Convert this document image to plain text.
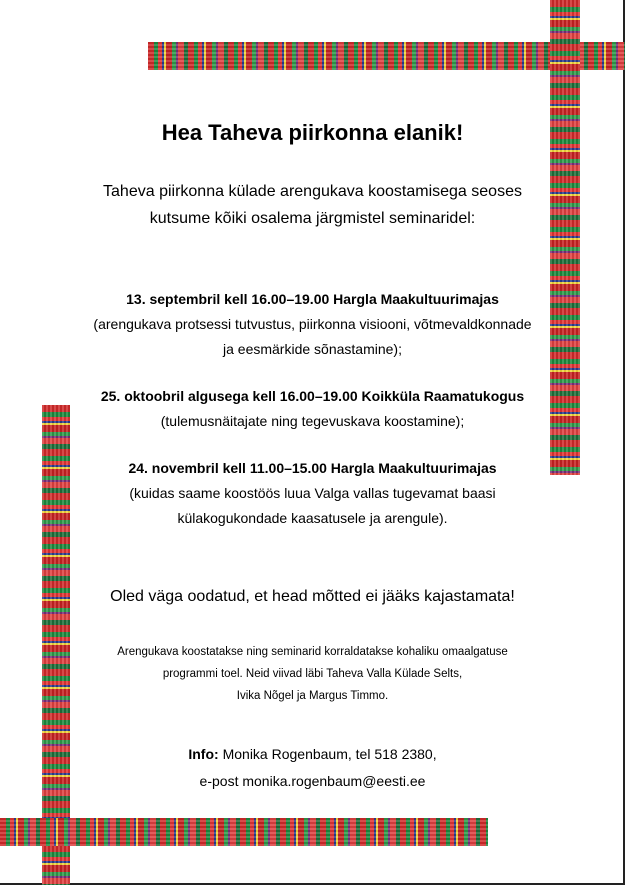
Hea Taheva piirkonna elanik!
Taheva piirkonna külade arengukava koostamisega seoses
kutsume kõiki osalema järgmistel seminaridel:
13. septembril kell 16.00–19.00 Hargla Maakultuurimajas
(arengukava protsessi tutvustus, piirkonna visiooni, võtmevaldkonnade
ja eesmärkide sõnastamine);
25. oktoobril algusega kell 16.00–19.00 Koikküla Raamatukogus
(tulemusnäitajate ning tegevuskava koostamine);
24. novembril kell 11.00–15.00 Hargla Maakultuurimajas
(kuidas saame koostöös luua Valga vallas tugevamat baasi
külakogukondade kaasatusele ja arengule).
Oled väga oodatud, et head mõtted ei jääks kajastamata!
Arengukava koostatakse ning seminarid korraldatakse kohaliku omaalgatuse
programmi toel. Neid viivad läbi Taheva Valla Külade Selts,
Ivika Nõgel ja Margus Timmo.
Info: Monika Rogenbaum, tel 518 2380,
e-post monika.rogenbaum@eesti.ee
